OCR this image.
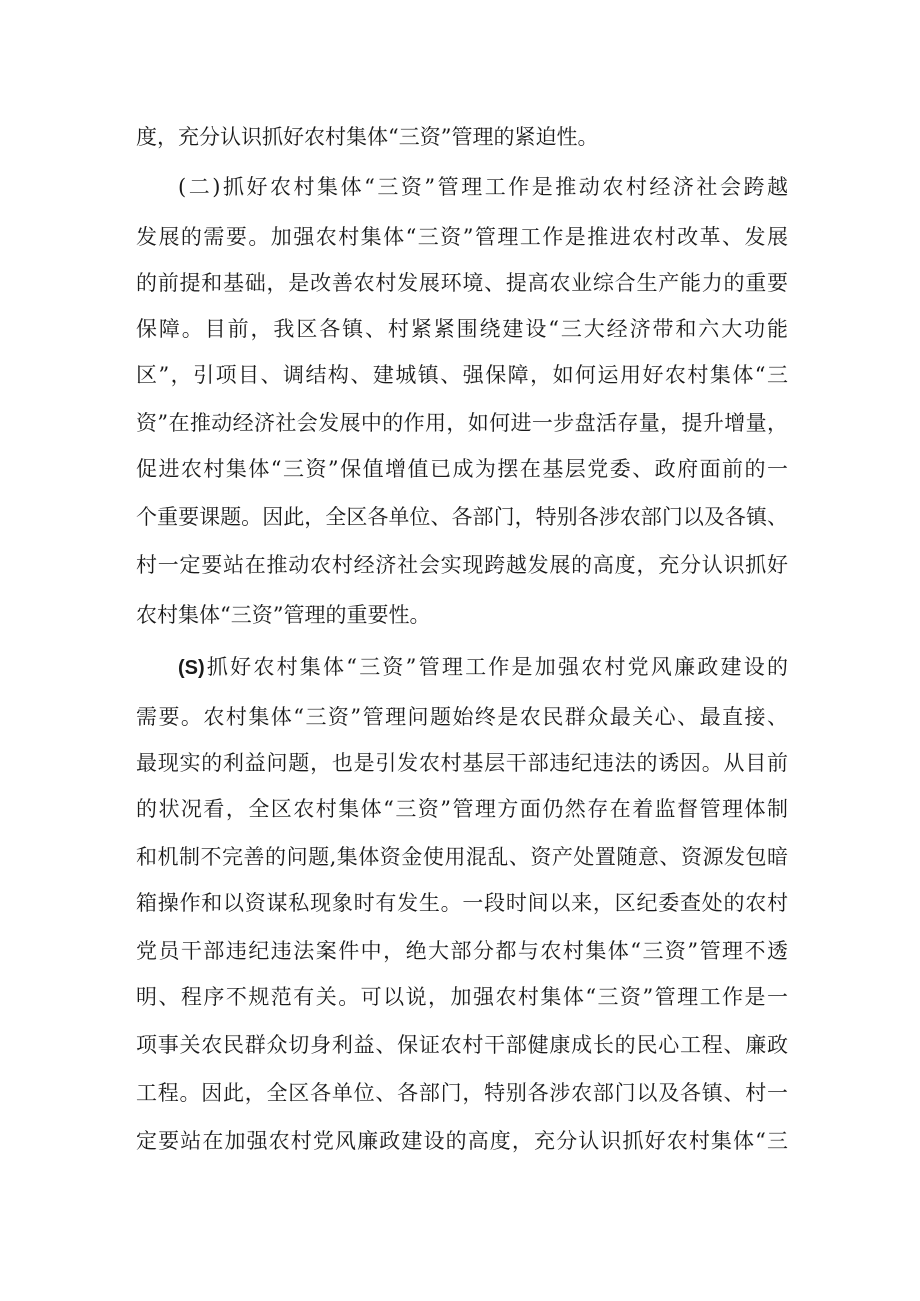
度，充分认识抓好农村集体“三资”管理的紧迫性。
(二)抓好农村集体“三资”管理工作是推动农村经济社会跨越
发展的需要。加强农村集体“三资”管理工作是推进农村改革、发展
的前提和基础，是改善农村发展环境、提高农业综合生产能力的重要
保障。目前，我区各镇、村紧紧围绕建设“三大经济带和六大功能
区”，引项目、调结构、建城镇、强保障，如何运用好农村集体“三
资”在推动经济社会发展中的作用，如何进一步盘活存量，提升增量，
促进农村集体“三资”保值增值已成为摆在基层党委、政府面前的一
个重要课题。因此，全区各单位、各部门，特别各涉农部门以及各镇、
村一定要站在推动农村经济社会实现跨越发展的高度，充分认识抓好
农村集体“三资”管理的重要性。
(S)抓好农村集体“三资”管理工作是加强农村党风廉政建设的
需要。农村集体“三资”管理问题始终是农民群众最关心、最直接、
最现实的利益问题，也是引发农村基层干部违纪违法的诱因。从目前
的状况看，全区农村集体“三资”管理方面仍然存在着监督管理体制
和机制不完善的问题,集体资金使用混乱、资产处置随意、资源发包暗
箱操作和以资谋私现象时有发生。一段时间以来，区纪委查处的农村
党员干部违纪违法案件中，绝大部分都与农村集体“三资”管理不透
明、程序不规范有关。可以说，加强农村集体“三资”管理工作是一
项事关农民群众切身利益、保证农村干部健康成长的民心工程、廉政
工程。因此，全区各单位、各部门，特别各涉农部门以及各镇、村一
定要站在加强农村党风廉政建设的高度，充分认识抓好农村集体“三
